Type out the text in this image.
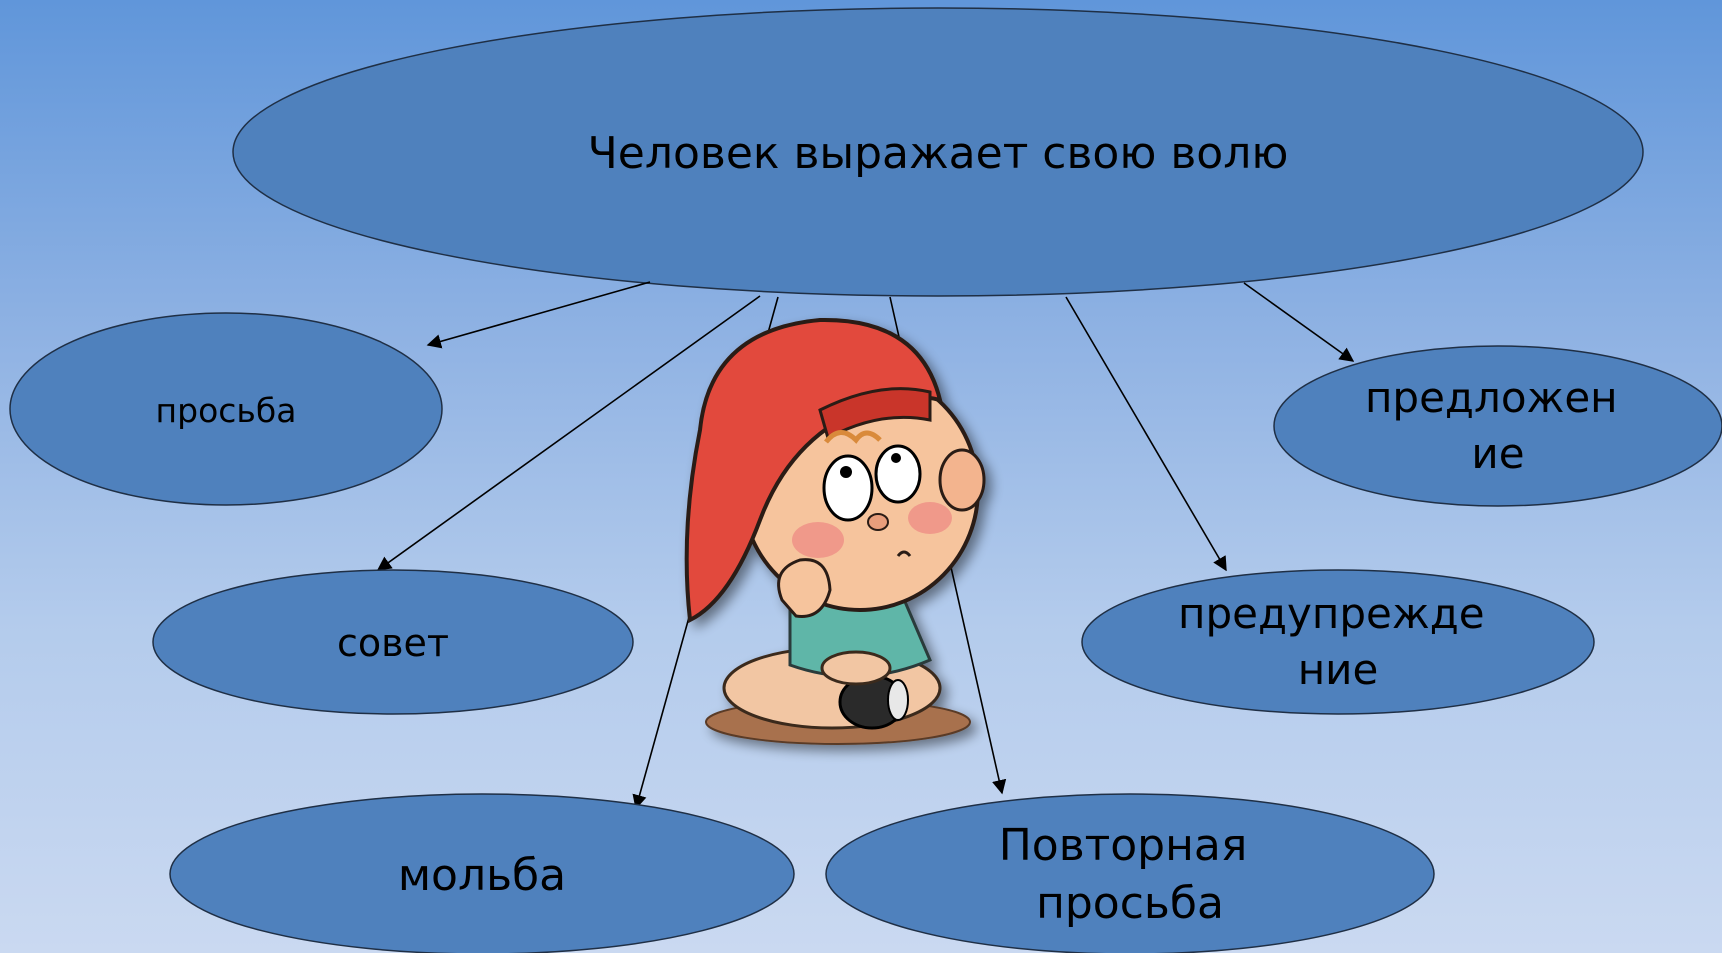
Человек выражает свою волю
просьба	предложен ие
совет
предупрежде ние
мольба
Повторная просьба
